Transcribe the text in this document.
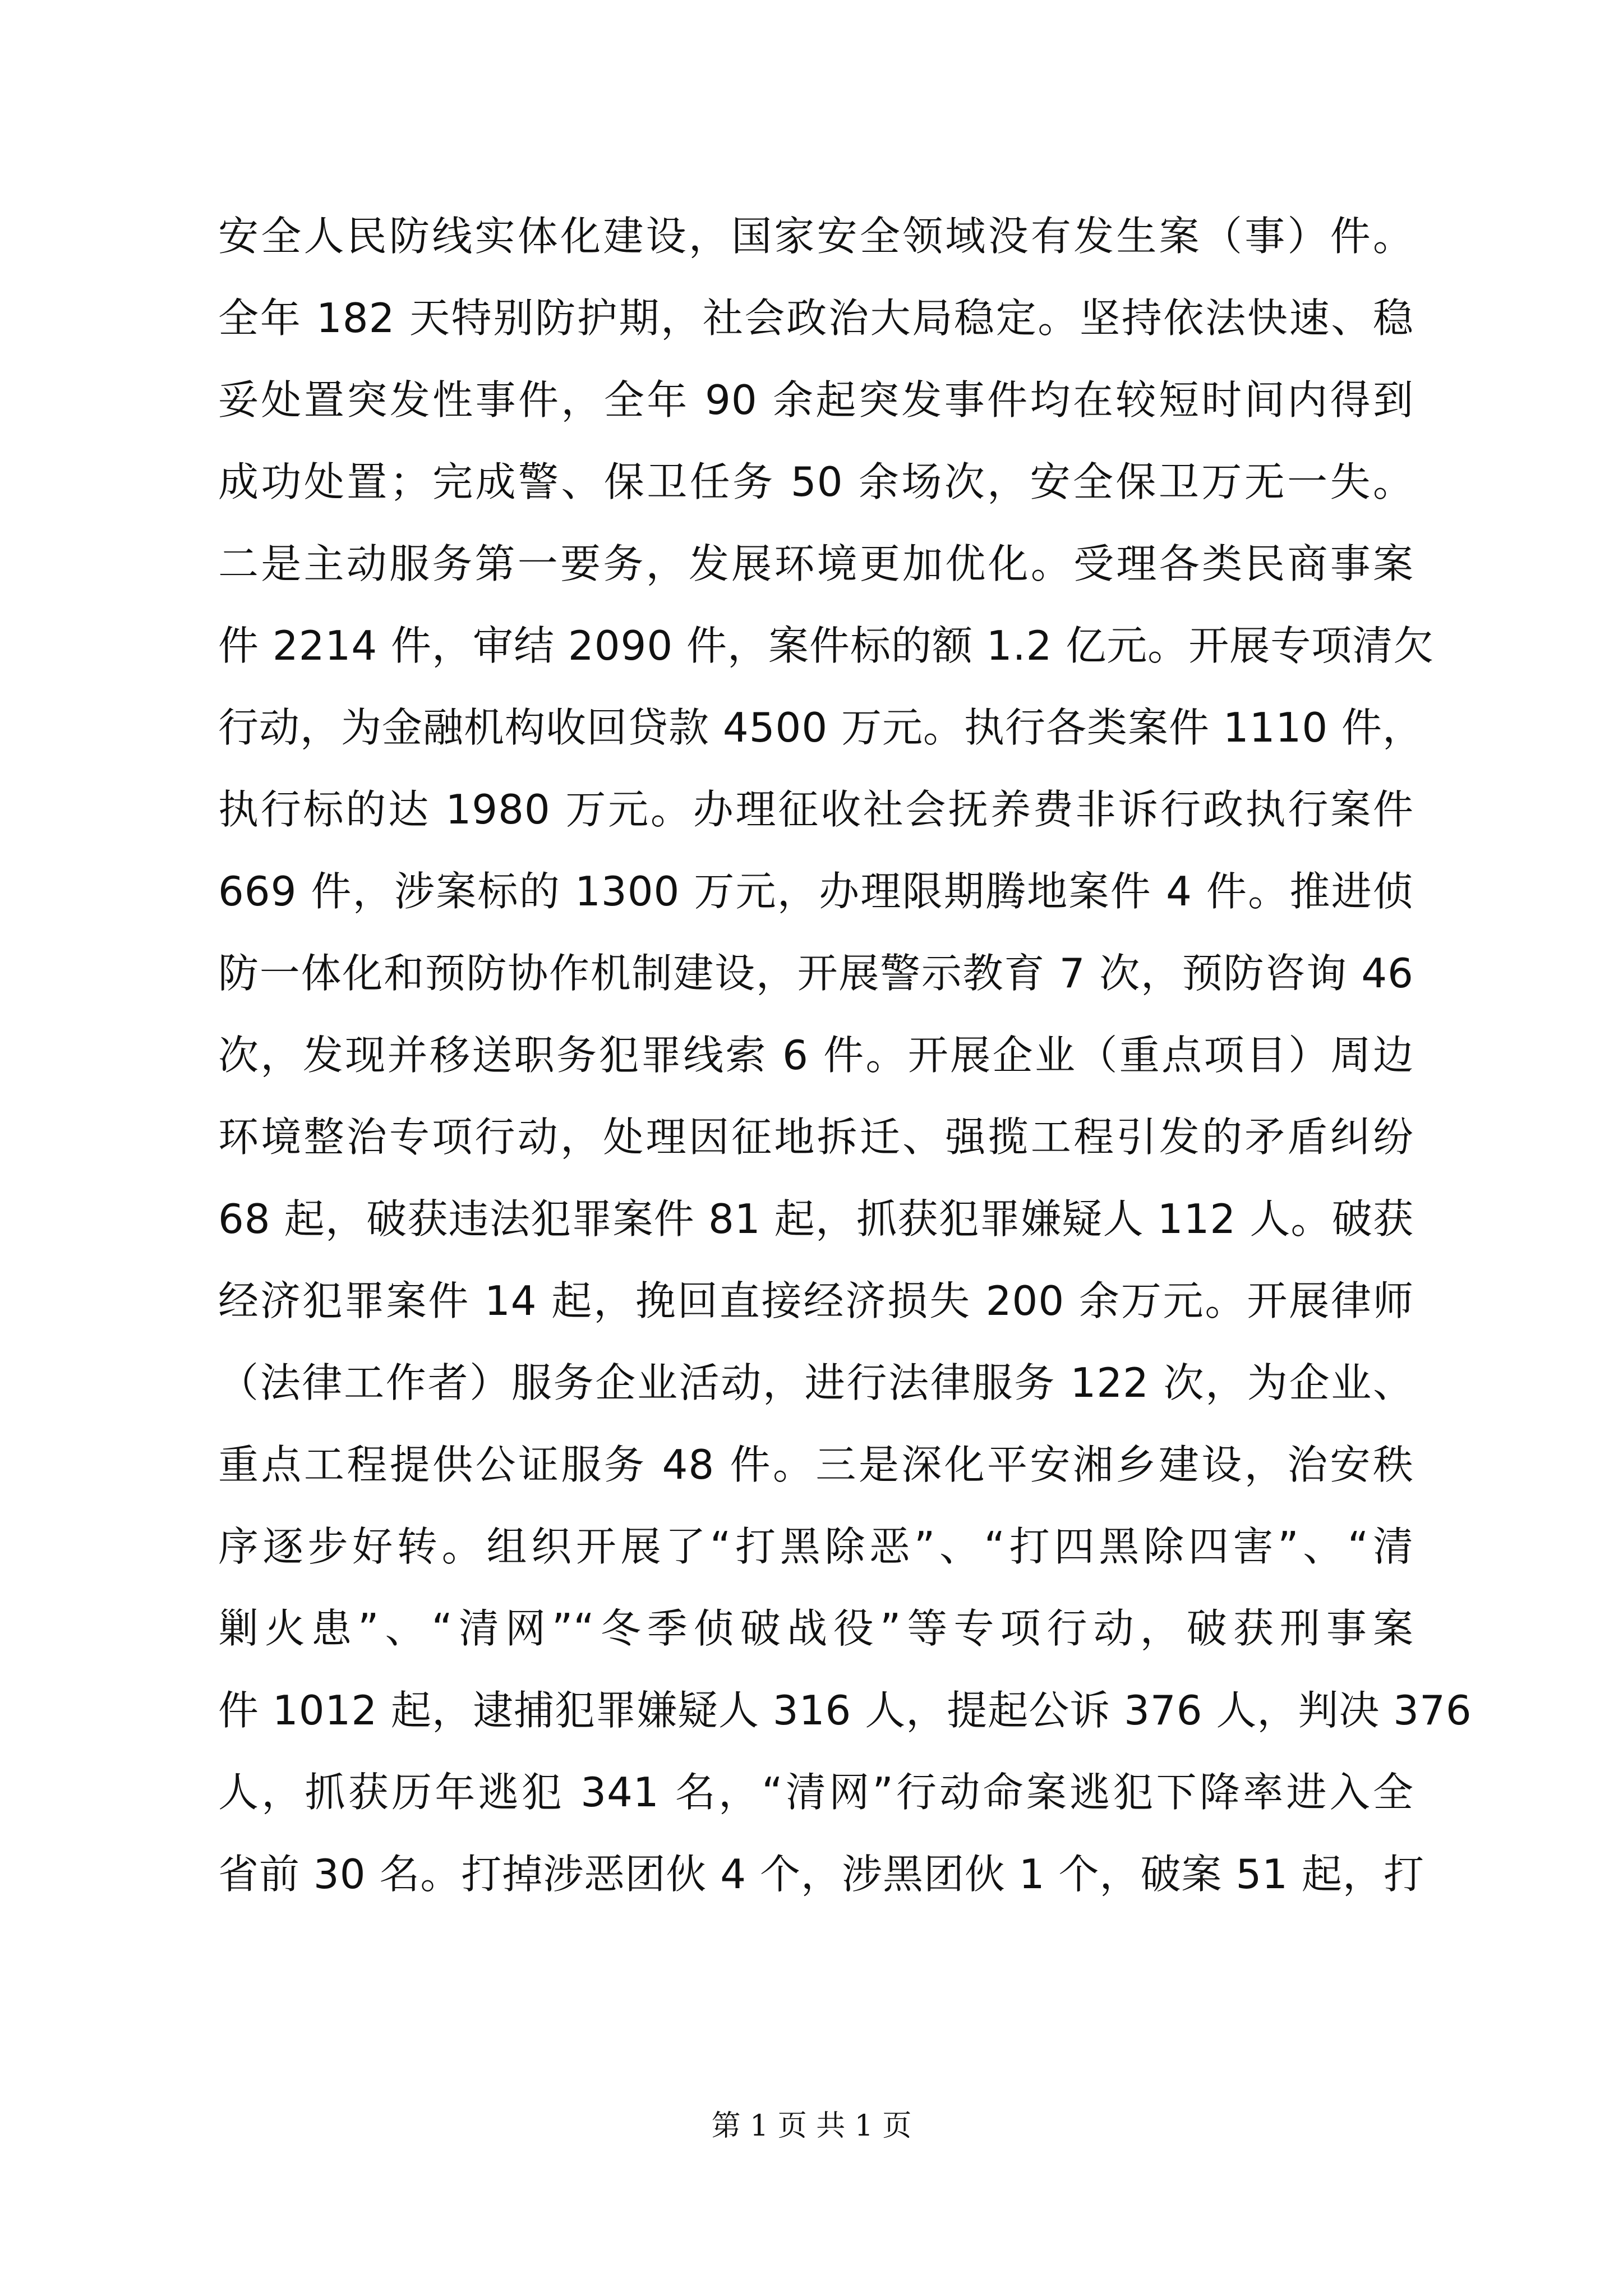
安全人民防线实体化建设，国家安全领域没有发生案（事）件。
全年 182 天特别防护期，社会政治大局稳定。坚持依法快速、稳
妥处置突发性事件，全年 90 余起突发事件均在较短时间内得到
成功处置；完成警、保卫任务 50 余场次，安全保卫万无一失。
二是主动服务第一要务，发展环境更加优化。受理各类民商事案
件 2214 件，审结 2090 件，案件标的额 1.2 亿元。开展专项清欠
行动，为金融机构收回贷款 4500 万元。执行各类案件 1110 件，
执行标的达 1980 万元。办理征收社会抚养费非诉行政执行案件
669 件，涉案标的 1300 万元，办理限期腾地案件 4 件。推进侦
防一体化和预防协作机制建设，开展警示教育 7 次，预防咨询 46
次，发现并移送职务犯罪线索 6 件。开展企业（重点项目）周边
环境整治专项行动，处理因征地拆迁、强揽工程引发的矛盾纠纷
68 起，破获违法犯罪案件 81 起，抓获犯罪嫌疑人 112 人。破获
经济犯罪案件 14 起，挽回直接经济损失 200 余万元。开展律师
（法律工作者）服务企业活动，进行法律服务 122 次，为企业、
重点工程提供公证服务 48 件。三是深化平安湘乡建设，治安秩
序逐步好转。组织开展了“打黑除恶”、“打四黑除四害”、“清
剿火患”、“清网”“冬季侦破战役”等专项行动，破获刑事案
件 1012 起，逮捕犯罪嫌疑人 316 人，提起公诉 376 人，判决 376
人，抓获历年逃犯 341 名，“清网”行动命案逃犯下降率进入全
省前 30 名。打掉涉恶团伙 4 个，涉黑团伙 1 个，破案 51 起，打
第 1 页 共 1 页
